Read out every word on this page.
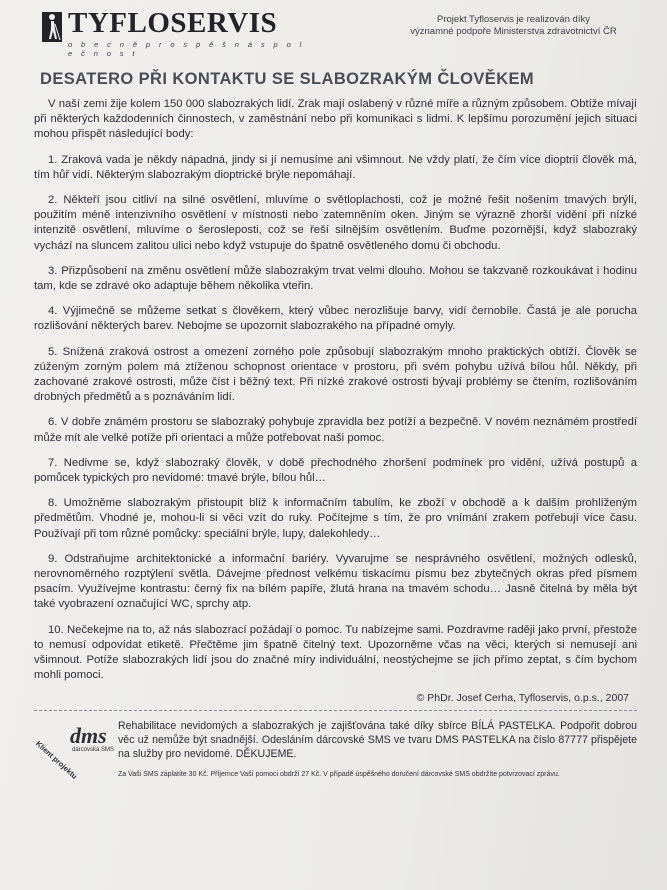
TYFLOSERVIS
o b e c n ě p r o s p ě š n á s p o l e č n o s t
Projekt Tyfloservis je realizován díky
významné podpoře Ministerstva zdravotnictví ČR
DESATERO PŘI KONTAKTU SE SLABOZRAKÝM ČLOVĚKEM

V naší zemi žije kolem 150 000 slabozrakých lidí. Zrak mají oslabený v různé míře a různým způsobem. Obtíže mívají při některých každodenních činnostech, v zaměstnání nebo při komunikaci s lidmi. K lepšímu porozumění jejich situaci mohou přispět následující body:

1. Zraková vada je někdy nápadná, jindy si jí nemusíme ani všimnout. Ne vždy platí, že čím více dioptrií člověk má, tím hůř vidí. Některým slabozrakým dioptrické brýle nepomáhají.

2. Někteří jsou citliví na silné osvětlení, mluvíme o světloplachosti, což je možné řešit nošením tmavých brýlí, použitím méně intenzivního osvětlení v místnosti nebo zatemněním oken. Jiným se výrazně zhorší vidění při nízké intenzitě osvětlení, mluvíme o šerosleposti, což se řeší silnějším osvětlením. Buďme pozornější, když slabozraký vychází na sluncem zalitou ulici nebo když vstupuje do špatně osvětleného domu či obchodu.

3. Přizpůsobení na změnu osvětlení může slabozrakým trvat velmi dlouho. Mohou se takzvaně rozkoukávat i hodinu tam, kde se zdravé oko adaptuje během několika vteřin.

4. Výjimečně se můžeme setkat s člověkem, který vůbec nerozlišuje barvy, vidí černobíle. Častá je ale porucha rozlišování některých barev. Nebojme se upozornit slabozrakého na případné omyly.

5. Snížená zraková ostrost a omezení zorného pole způsobují slabozrakým mnoho praktických obtíží. Člověk se zúženým zorným polem má ztíženou schopnost orientace v prostoru, při svém pohybu užívá bílou hůl. Někdy, při zachované zrakové ostrosti, může číst i běžný text. Při nízké zrakové ostrosti bývají problémy se čtením, rozlišováním drobných předmětů a s poznáváním lidí.

6. V dobře známém prostoru se slabozraký pohybuje zpravidla bez potíží a bezpečně. V novém neznámém prostředí může mít ale velké potíže při orientaci a může potřebovat naši pomoc.

7. Nedivme se, když slabozraký člověk, v době přechodného zhoršení podmínek pro vidění, užívá postupů a pomůcek typických pro nevidomé: tmavé brýle, bílou hůl…

8. Umožněme slabozrakým přistoupit blíž k informačním tabulím, ke zboží v obchodě a k dalším prohlíženým předmětům. Vhodné je, mohou-li si věci vzít do ruky. Počítejme s tím, že pro vnímání zrakem potřebují více času. Používají při tom různé pomůcky: speciální brýle, lupy, dalekohledy…

9. Odstraňujme architektonické a informační bariéry. Vyvarujme se nesprávného osvětlení, možných odlesků, nerovnoměrného rozptýlení světla. Dávejme přednost velkému tiskacímu písmu bez zbytečných okras před písmem psacím. Využívejme kontrastu: černý fix na bílém papíře, žlutá hrana na tmavém schodu… Jasně čitelná by měla být také vyobrazení označující WC, sprchy atp.

10. Nečekejme na to, až nás slabozrací požádají o pomoc. Tu nabízejme sami. Pozdravme raději jako první, přestože to nemusí odpovídat etiketě. Přečtěme jim špatně čitelný text. Upozorněme včas na věci, kterých si nemusejí ani všimnout. Potíže slabozrakých lidí jsou do značné míry individuální, neostýchejme se jich přímo zeptat, s čím bychom mohli pomoci.

© PhDr. Josef Cerha, Tyfloservis, o.p.s., 2007
Klient projektu
dms
dárcovská SMS
Rehabilitace nevidomých a slabozrakých je zajišťována také díky sbírce BÍLÁ PASTELKA. Podpořit dobrou věc už nemůže být snadnější. Odesláním dárcovské SMS ve tvaru DMS PASTELKA na číslo 87777 přispějete na služby pro nevidomé. DĚKUJEME.
Za Vaši SMS zaplatíte 30 Kč. Příjemce Vaší pomoci obdrží 27 Kč. V případě úspěšného doručení dárcovské SMS obdržíte potvrzovací zprávu.
